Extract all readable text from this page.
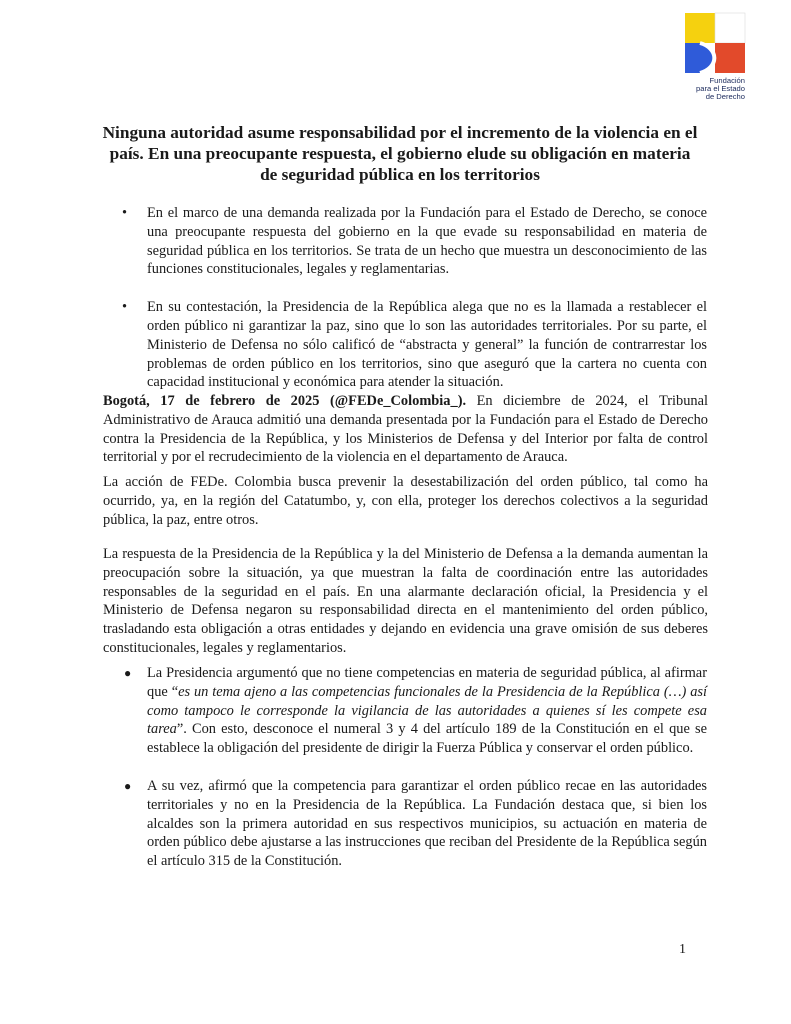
Fundación
para el Estado
de Derecho
Ninguna autoridad asume responsabilidad por el incremento de la violencia en el país. En una preocupante respuesta, el gobierno elude su obligación en materia de seguridad pública en los territorios
• En el marco de una demanda realizada por la Fundación para el Estado de Derecho, se conoce una preocupante respuesta del gobierno en la que evade su responsabilidad en materia de seguridad pública en los territorios. Se trata de un hecho que muestra un desconocimiento de las funciones constitucionales, legales y reglamentarias.
• En su contestación, la Presidencia de la República alega que no es la llamada a restablecer el orden público ni garantizar la paz, sino que lo son las autoridades territoriales. Por su parte, el Ministerio de Defensa no sólo calificó de “abstracta y general” la función de contrarrestar los problemas de orden público en los territorios, sino que aseguró que la cartera no cuenta con capacidad institucional y económica para atender la situación.
Bogotá, 17 de febrero de 2025 (@FEDe_Colombia_). En diciembre de 2024, el Tribunal Administrativo de Arauca admitió una demanda presentada por la Fundación para el Estado de Derecho contra la Presidencia de la República, y los Ministerios de Defensa y del Interior por falta de control territorial y por el recrudecimiento de la violencia en el departamento de Arauca.
La acción de FEDe. Colombia busca prevenir la desestabilización del orden público, tal como ha ocurrido, ya, en la región del Catatumbo, y, con ella, proteger los derechos colectivos a la seguridad pública, la paz, entre otros.
La respuesta de la Presidencia de la República y la del Ministerio de Defensa a la demanda aumentan la preocupación sobre la situación, ya que muestran la falta de coordinación entre las autoridades responsables de la seguridad en el país. En una alarmante declaración oficial, la Presidencia y el Ministerio de Defensa negaron su responsabilidad directa en el mantenimiento del orden público, trasladando esta obligación a otras entidades y dejando en evidencia una grave omisión de sus deberes constitucionales, legales y reglamentarios.
● La Presidencia argumentó que no tiene competencias en materia de seguridad pública, al afirmar que “es un tema ajeno a las competencias funcionales de la Presidencia de la República (…) así como tampoco le corresponde la vigilancia de las autoridades a quienes sí les compete esa tarea”. Con esto, desconoce el numeral 3 y 4 del artículo 189 de la Constitución en el que se establece la obligación del presidente de dirigir la Fuerza Pública y conservar el orden público.
● A su vez, afirmó que la competencia para garantizar el orden público recae en las autoridades territoriales y no en la Presidencia de la República. La Fundación destaca que, si bien los alcaldes son la primera autoridad en sus respectivos municipios, su actuación en materia de orden público debe ajustarse a las instrucciones que reciban del Presidente de la República según el artículo 315 de la Constitución.
1
